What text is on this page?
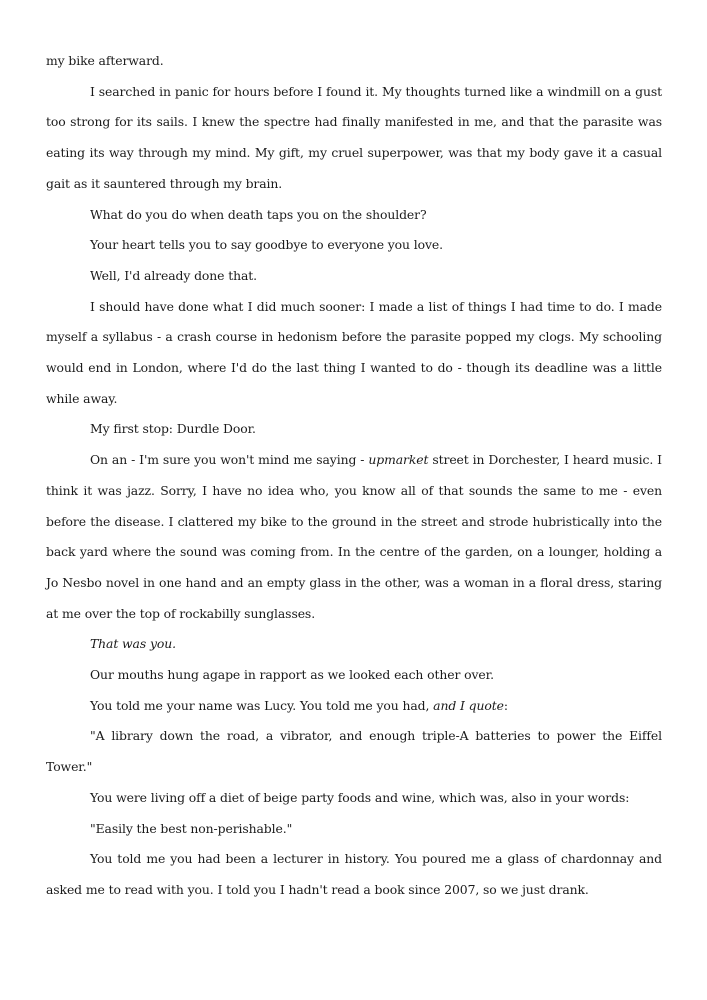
my bike afterward.

I searched in panic for hours before I found it. My thoughts turned like a windmill on a gust too strong for its sails. I knew the spectre had finally manifested in me, and that the parasite was eating its way through my mind. My gift, my cruel superpower, was that my body gave it a casual gait as it sauntered through my brain.

What do you do when death taps you on the shoulder?

Your heart tells you to say goodbye to everyone you love.

Well, I'd already done that.

I should have done what I did much sooner: I made a list of things I had time to do. I made myself a syllabus - a crash course in hedonism before the parasite popped my clogs. My schooling would end in London, where I'd do the last thing I wanted to do - though its deadline was a little while away.

My first stop: Durdle Door.

On an - I'm sure you won't mind me saying - upmarket street in Dorchester, I heard music. I think it was jazz. Sorry, I have no idea who, you know all of that sounds the same to me - even before the disease. I clattered my bike to the ground in the street and strode hubristically into the back yard where the sound was coming from. In the centre of the garden, on a lounger, holding a Jo Nesbo novel in one hand and an empty glass in the other, was a woman in a floral dress, staring at me over the top of rockabilly sunglasses.

That was you.

Our mouths hung agape in rapport as we looked each other over.

You told me your name was Lucy. You told me you had, and I quote:

"A library down the road, a vibrator, and enough triple-A batteries to power the Eiffel Tower."

You were living off a diet of beige party foods and wine, which was, also in your words:

"Easily the best non-perishable."

You told me you had been a lecturer in history. You poured me a glass of chardonnay and asked me to read with you. I told you I hadn't read a book since 2007, so we just drank.
